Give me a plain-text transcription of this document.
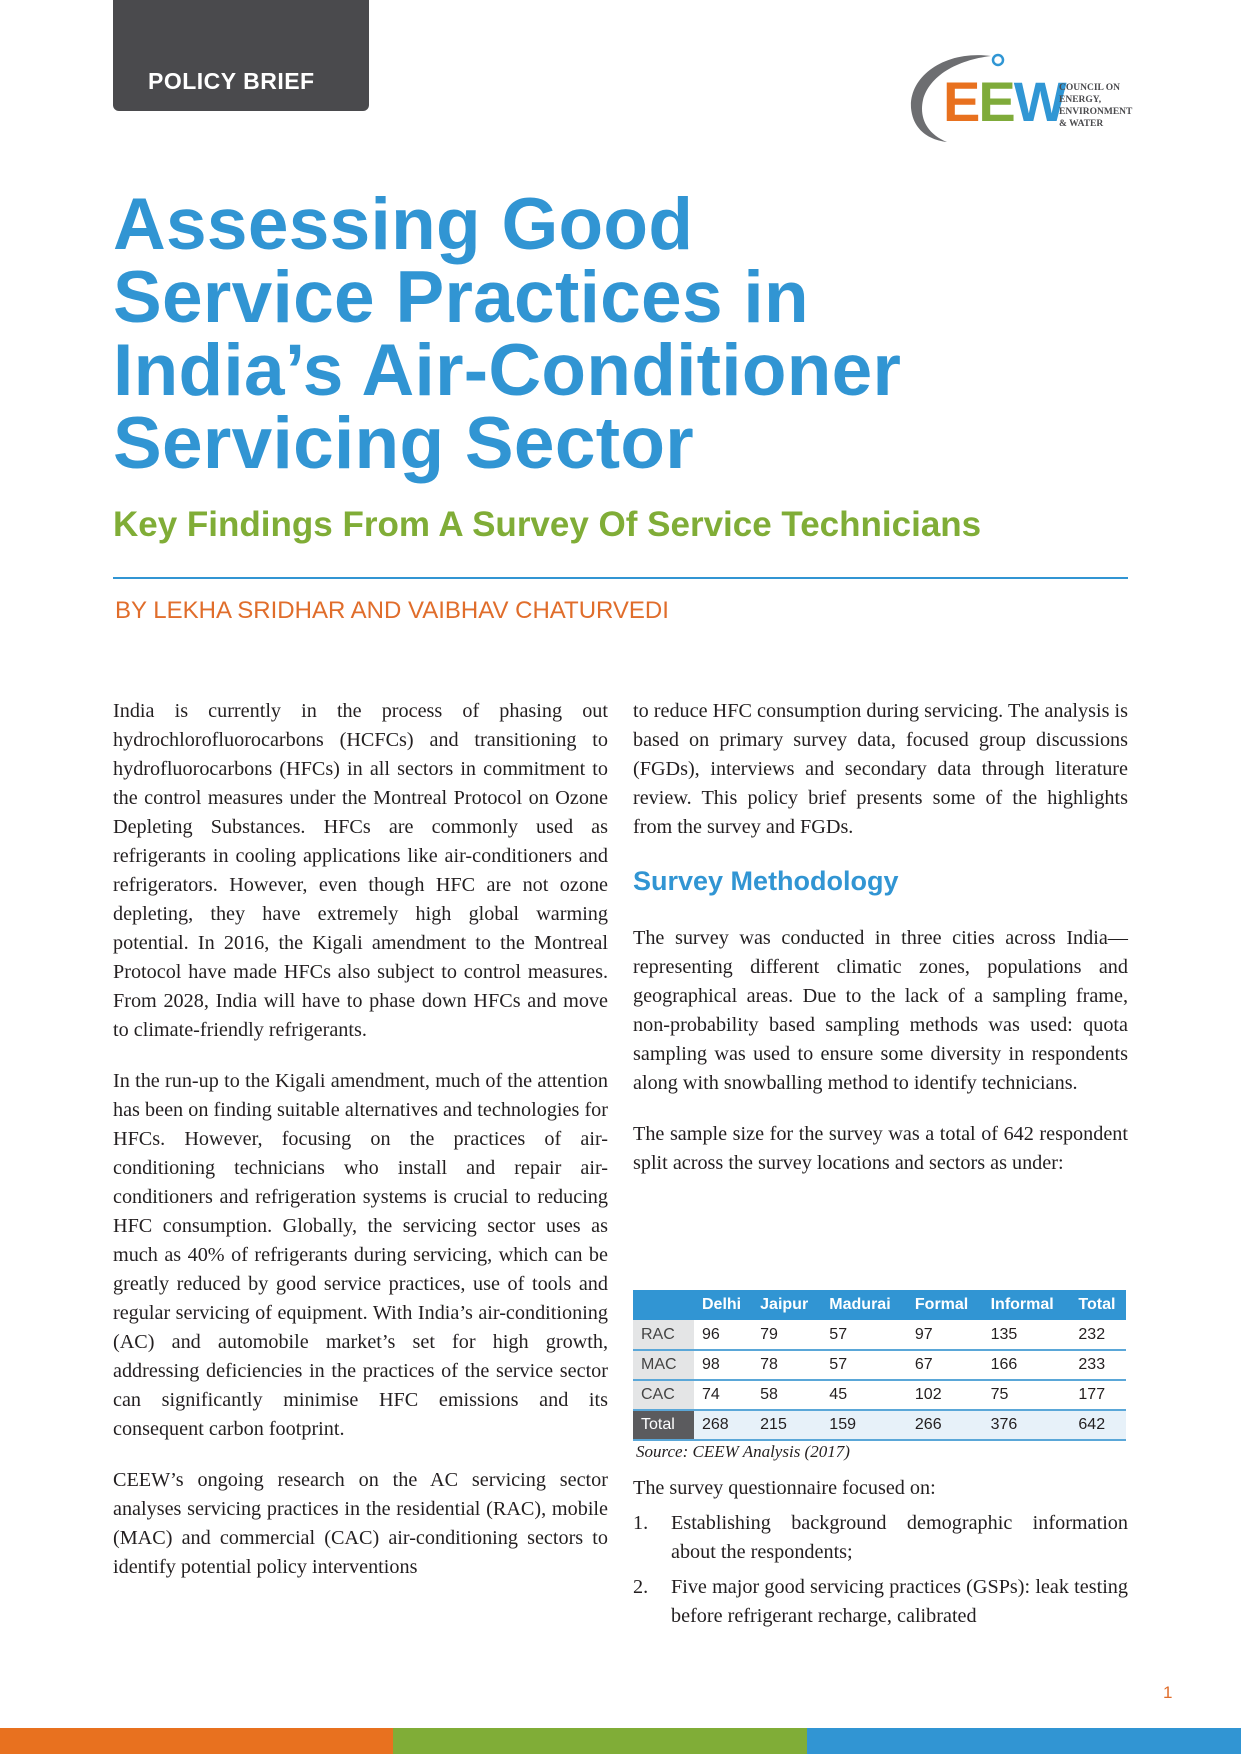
POLICY BRIEF	EEW
COUNCIL ON
ENERGY,
ENVIRONMENT
& WATER
Assessing Good
Service Practices in
India’s Air-Conditioner
Servicing Sector
Key Findings From A Survey Of Service Technicians
BY LEKHA SRIDHAR AND VAIBHAV CHATURVEDI

India is currently in the process of phasing out hydrochlorofluorocarbons (HCFCs) and transitioning to hydrofluorocarbons (HFCs) in all sectors in commitment to the control measures under the Montreal Protocol on Ozone Depleting Substances. HFCs are commonly used as refrigerants in cooling applications like air-conditioners and refrigerators. However, even though HFC are not ozone depleting, they have extremely high global warming potential. In 2016, the Kigali amendment to the Montreal Protocol have made HFCs also subject to control measures. From 2028, India will have to phase down HFCs and move to climate-friendly refrigerants.

In the run-up to the Kigali amendment, much of the attention has been on finding suitable alternatives and technologies for HFCs. However, focusing on the practices of air-conditioning technicians who install and repair air-conditioners and refrigeration systems is crucial to reducing HFC consumption. Globally, the servicing sector uses as much as 40% of refrigerants during servicing, which can be greatly reduced by good service practices, use of tools and regular servicing of equipment. With India’s air-conditioning (AC) and automobile market’s set for high growth, addressing deficiencies in the practices of the service sector can significantly minimise HFC emissions and its consequent carbon footprint.

CEEW’s ongoing research on the AC servicing sector analyses servicing practices in the residential (RAC), mobile (MAC) and commercial (CAC) air-conditioning sectors to identify potential policy interventions

to reduce HFC consumption during servicing. The analysis is based on primary survey data, focused group discussions (FGDs), interviews and secondary data through literature review. This policy brief presents some of the highlights from the survey and FGDs.

Survey Methodology

The survey was conducted in three cities across India—representing different climatic zones, populations and geographical areas. Due to the lack of a sampling frame, non-probability based sampling methods was used: quota sampling was used to ensure some diversity in respondents along with snowballing method to identify technicians.

The sample size for the survey was a total of 642 respondent split across the survey locations and sectors as under:

	Delhi	Jaipur	Madurai	Formal	Informal	Total
RAC	96	79	57	97	135	232
MAC	98	78	57	67	166	233
CAC	74	58	45	102	75	177
Total	268	215	159	266	376	642
Source: CEEW Analysis (2017)
The survey questionnaire focused on:
1. Establishing background demographic information about the respondents;
2. Five major good servicing practices (GSPs): leak testing before refrigerant recharge, calibrated
1
